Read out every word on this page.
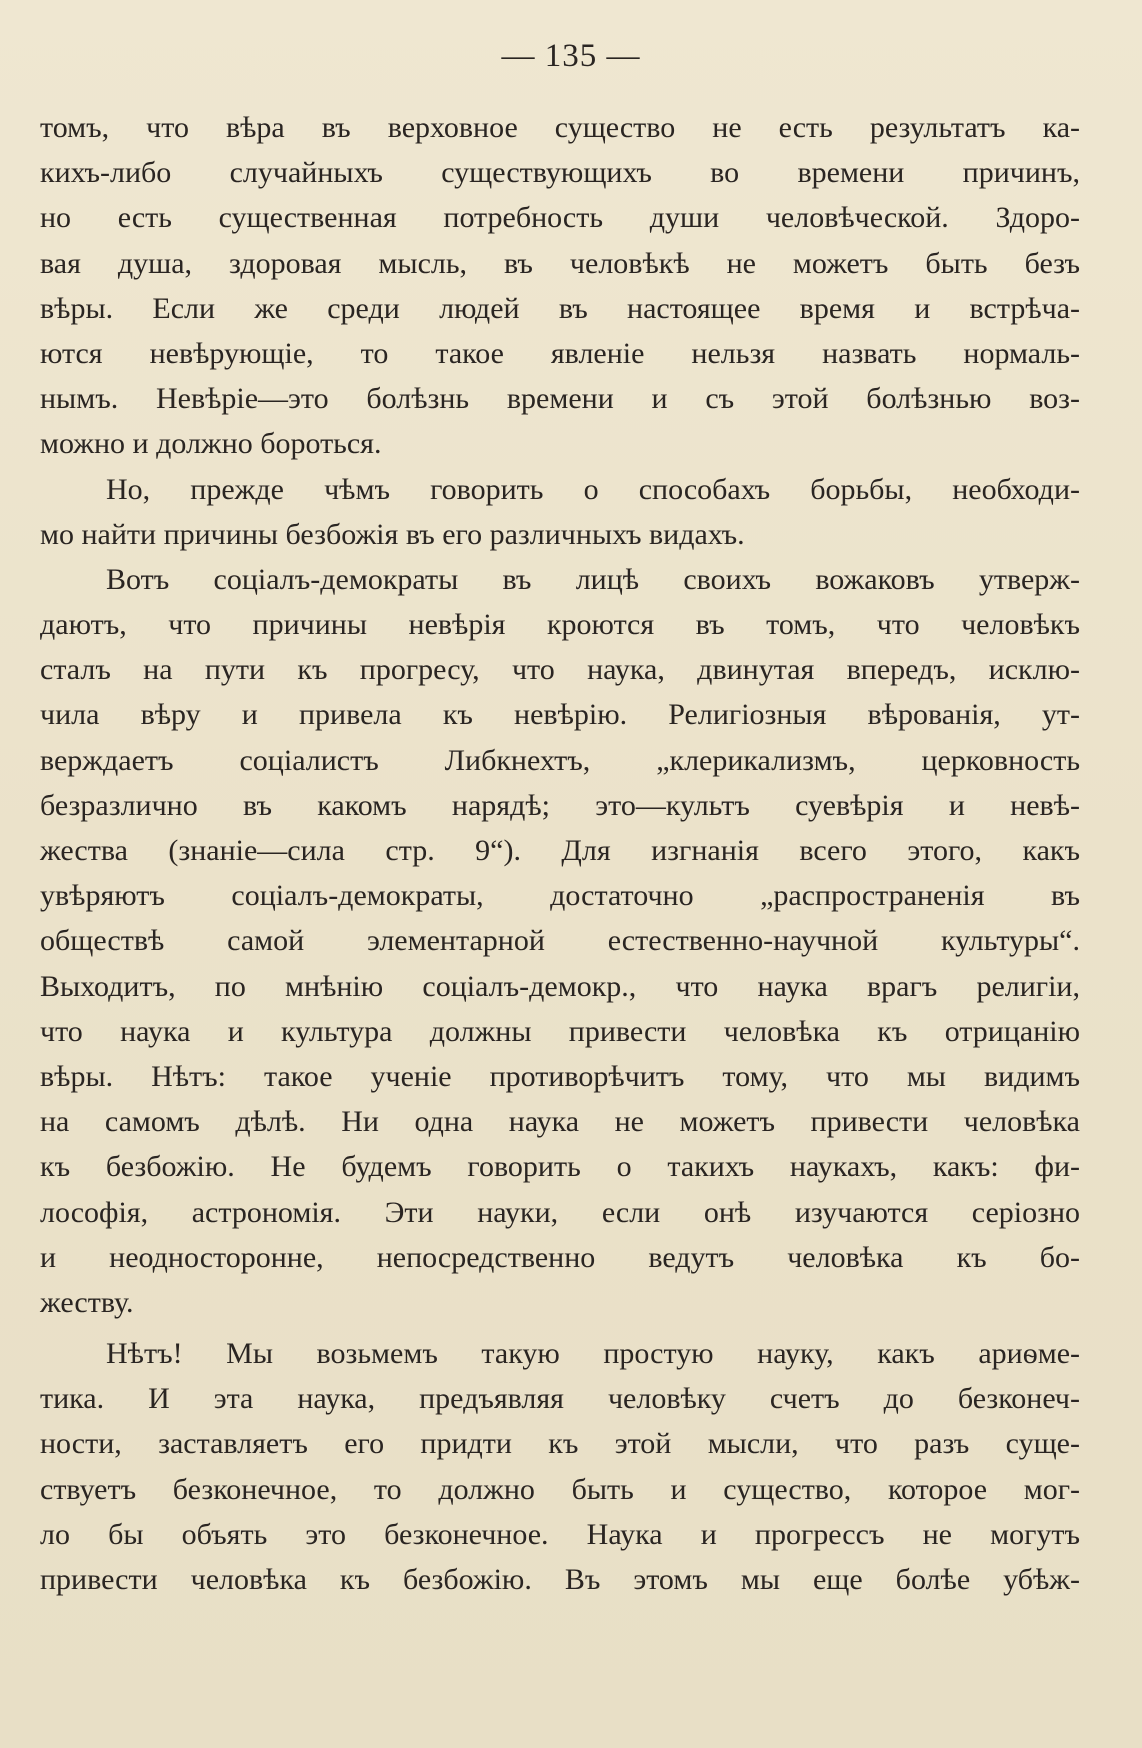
— 135 —
томъ, что вѣра въ верховное существо не есть результатъ ка-
кихъ-либо случайныхъ существующихъ во времени причинъ,
но есть существенная потребность души человѣческой. Здоро-
вая душа, здоровая мысль, въ человѣкѣ не можетъ быть безъ
вѣры. Если же среди людей въ настоящее время и встрѣча-
ются невѣрующіе, то такое явленіе нельзя назвать нормаль-
нымъ. Невѣріе—это болѣзнь времени и съ этой болѣзнью воз-
можно и должно бороться.
Но, прежде чѣмъ говорить о способахъ борьбы, необходи-
мо найти причины безбожія въ его различныхъ видахъ.
Вотъ соціалъ-демократы въ лицѣ своихъ вожаковъ утверж-
даютъ, что причины невѣрія кроются въ томъ, что человѣкъ
сталъ на пути къ прогресу, что наука, двинутая впередъ, исклю-
чила вѣру и привела къ невѣрію. Религіозныя вѣрованія, ут-
верждаетъ соціалистъ Либкнехтъ, „клерикализмъ, церковность
безразлично въ какомъ нарядѣ; это—культъ суевѣрія и невѣ-
жества (знаніе—сила стр. 9“). Для изгнанія всего этого, какъ
увѣряютъ соціалъ-демократы, достаточно „распространенія въ
обществѣ самой элементарной естественно-научной культуры“.
Выходитъ, по мнѣнію соціалъ-демокр., что наука врагъ религіи,
что наука и культура должны привести человѣка къ отрицанію
вѣры. Нѣтъ: такое ученіе противорѣчитъ тому, что мы видимъ
на самомъ дѣлѣ. Ни одна наука не можетъ привести человѣка
къ безбожію. Не будемъ говорить о такихъ наукахъ, какъ: фи-
лософія, астрономія. Эти науки, если онѣ изучаются серіозно
и неодносторонне, непосредственно ведутъ человѣка къ бо-
жеству.
Нѣтъ! Мы возьмемъ такую простую науку, какъ ариѳме-
тика. И эта наука, предъявляя человѣку счетъ до безконеч-
ности, заставляетъ его придти къ этой мысли, что разъ суще-
ствуетъ безконечное, то должно быть и существо, которое мог-
ло бы объять это безконечное. Наука и прогрессъ не могутъ
привести человѣка къ безбожію. Въ этомъ мы еще болѣе убѣж-
